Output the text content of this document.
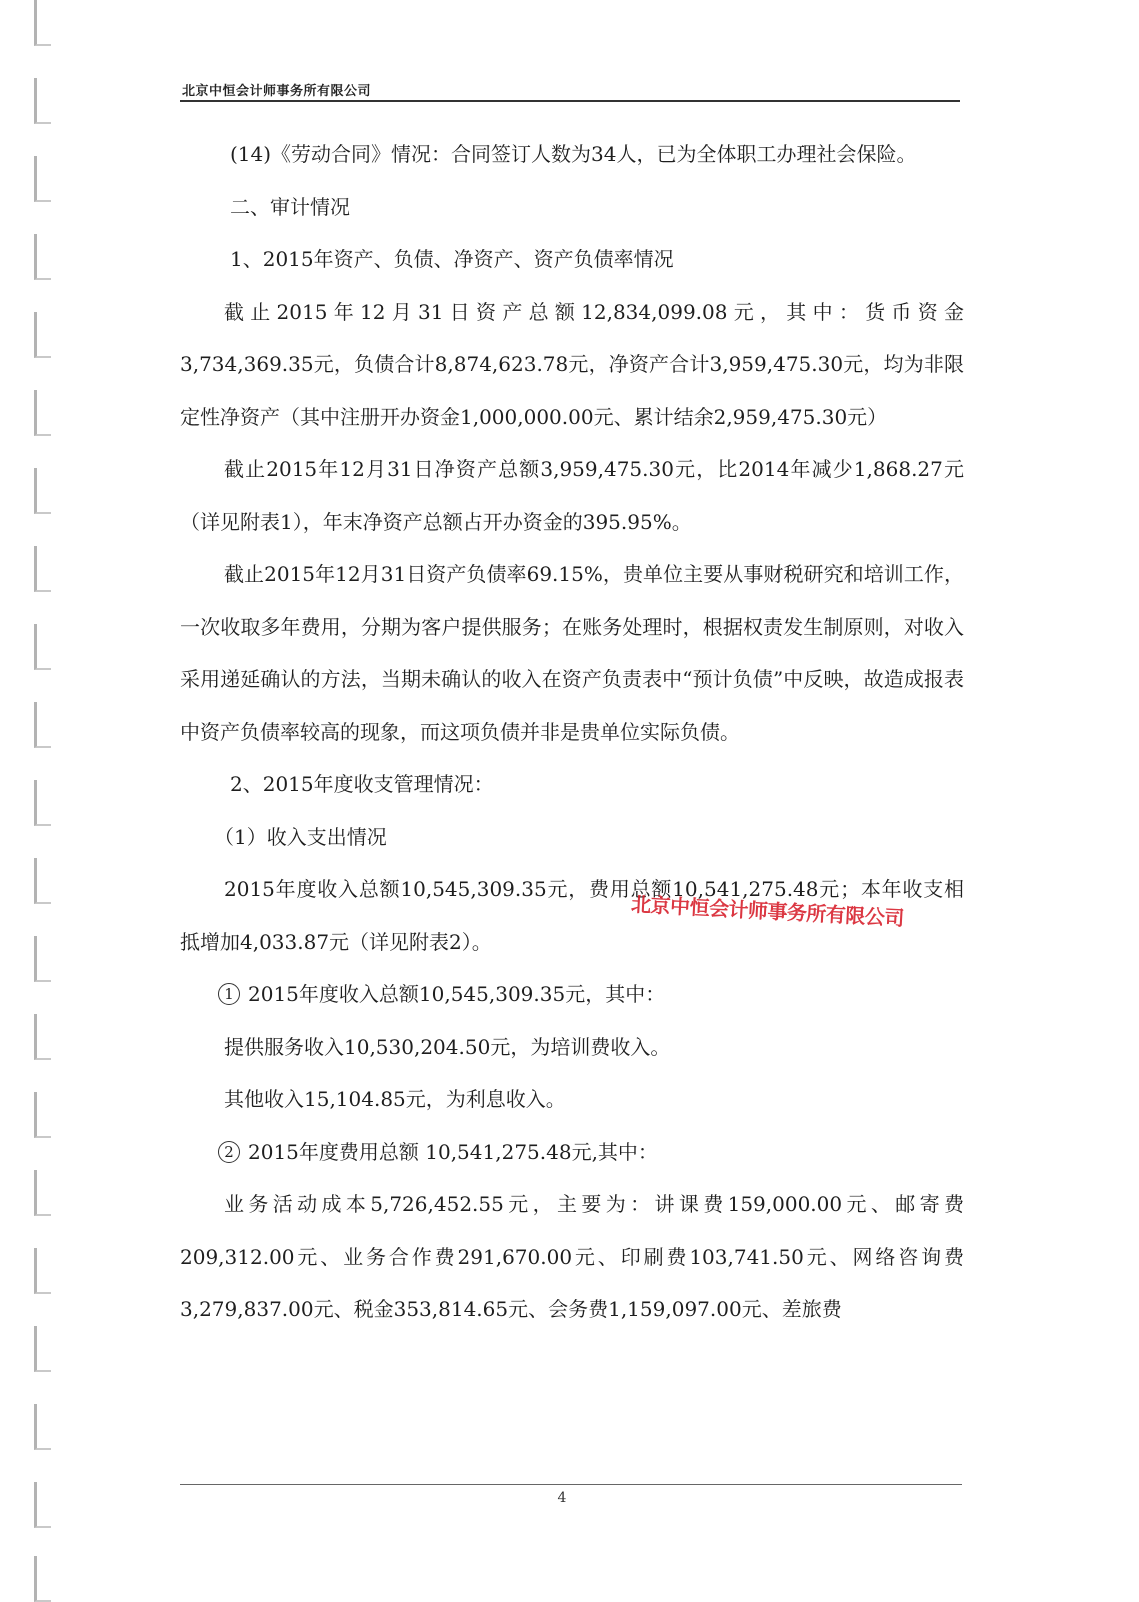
北京中恒会计师事务所有限公司

(14)《劳动合同》情况：合同签订人数为34人，已为全体职工办理社会保险。

二、审计情况

1、2015年资产、负债、净资产、资产负债率情况

截止2015年12月31日资产总额12,834,099.08元，其中：货币资金3,734,369.35元，负债合计8,874,623.78元，净资产合计3,959,475.30元，均为非限定性净资产（其中注册开办资金1,000,000.00元、累计结余2,959,475.30元）

截止2015年12月31日净资产总额3,959,475.30元，比2014年减少1,868.27元（详见附表1），年末净资产总额占开办资金的395.95%。

截止2015年12月31日资产负债率69.15%，贵单位主要从事财税研究和培训工作，一次收取多年费用，分期为客户提供服务；在账务处理时，根据权责发生制原则，对收入采用递延确认的方法，当期未确认的收入在资产负责表中“预计负债”中反映，故造成报表中资产负债率较高的现象，而这项负债并非是贵单位实际负债。

2、2015年度收支管理情况：

（1）收入支出情况

2015年度收入总额10,545,309.35元，费用总额10,541,275.48元；本年收支相抵增加4,033.87元（详见附表2）。

1 2015年度收入总额10,545,309.35元，其中：

提供服务收入10,530,204.50元，为培训费收入。

其他收入15,104.85元，为利息收入。

2 2015年度费用总额 10,541,275.48元,其中：

业务活动成本5,726,452.55元，主要为：讲课费159,000.00元、邮寄费209,312.00元、业务合作费291,670.00元、印刷费103,741.50元、网络咨询费3,279,837.00元、税金353,814.65元、会务费1,159,097.00元、差旅费

北京中恒会计师事务所有限公司
4
